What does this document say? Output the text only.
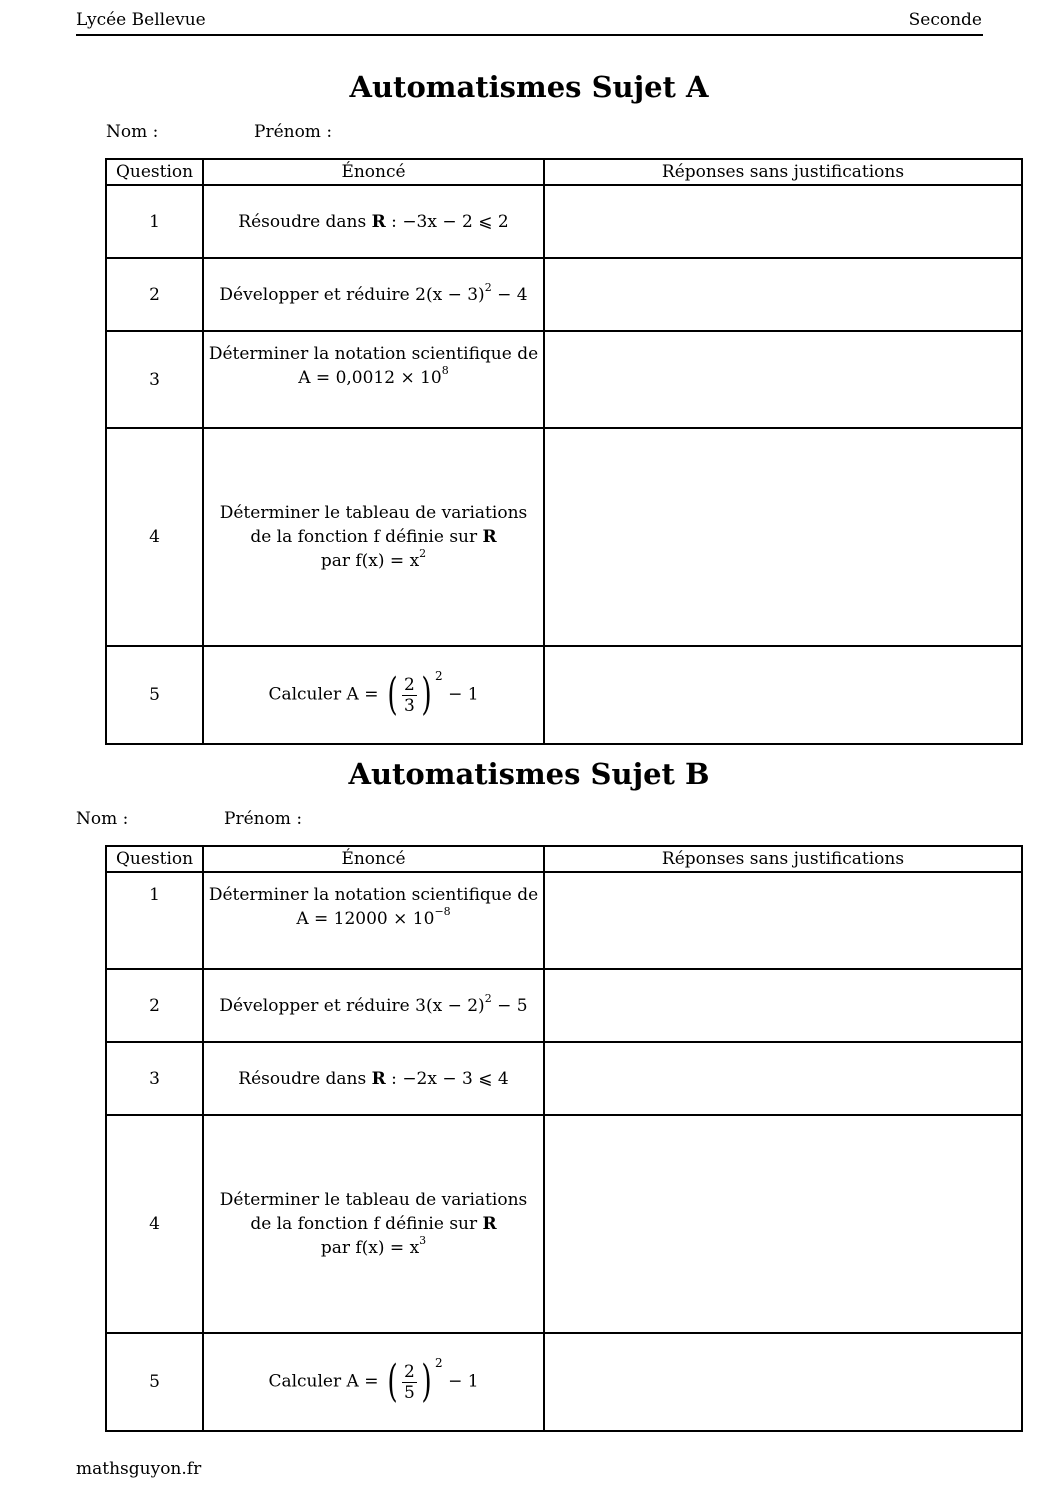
Lycée Bellevue	Seconde
Automatismes Sujet A
Nom :	Prénom :
Question	Énoncé	Réponses sans justifications
1	Résoudre dans R : −3x − 2 ⩽ 2	
2	Développer et réduire $2(x - 3)^2 - 4$	
3	Déterminer la notation scientifique de
$A = 0,0012 \times 10^8$

4	Déterminer le tableau de variations
de la fonction f définie sur R
par $f(x) = x^2$

5	Calculer A = ( $\frac{2}{3}$ ) $^2$ − 1	
Automatismes Sujet B
Nom :	Prénom :
Question	Énoncé	Réponses sans justifications
1	Déterminer la notation scientifique de
$A = 12000 \times 10^{-8}$

2	Développer et réduire $3(x - 2)^2 - 5$	
3	Résoudre dans R : −2x − 3 ⩽ 4	
4	Déterminer le tableau de variations
de la fonction f définie sur R
par $f(x) = x^3$

5	Calculer A = ( $\frac{2}{5}$ ) $^2$ − 1	
mathsguyon.fr
